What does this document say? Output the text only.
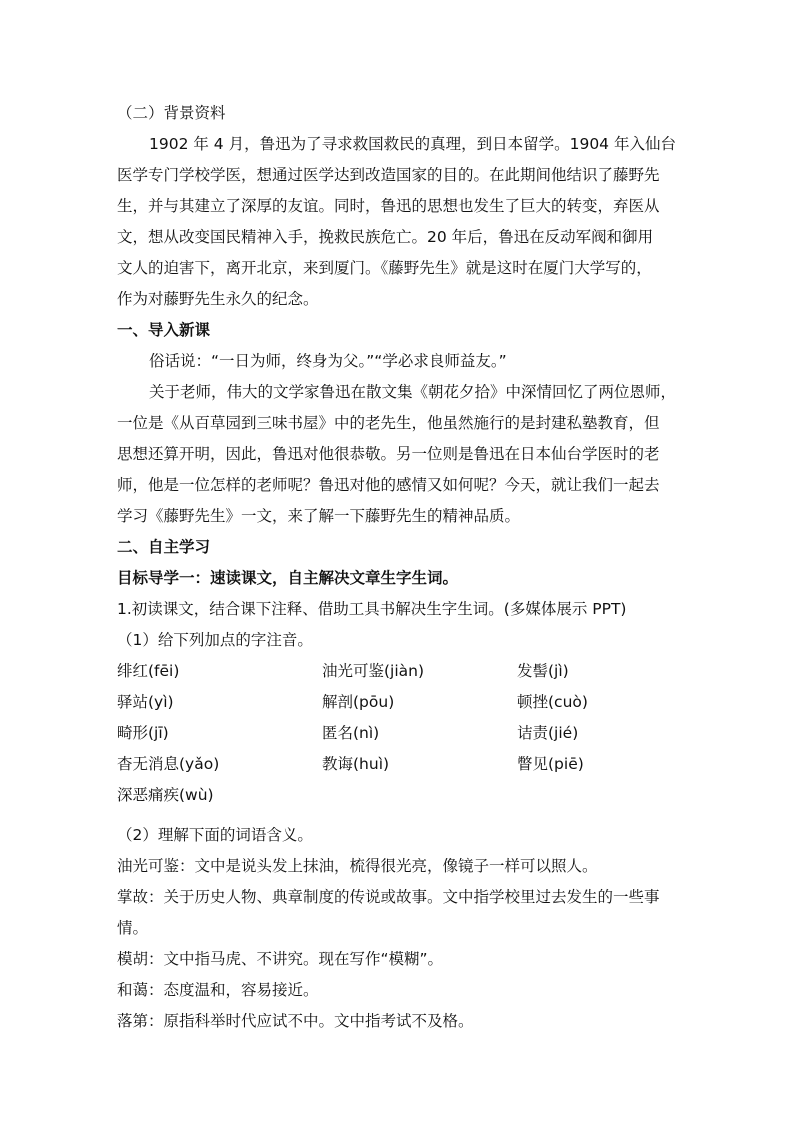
（二）背景资料
1902 年 4 月，鲁迅为了寻求救国救民的真理，到日本留学。1904 年入仙台
医学专门学校学医，想通过医学达到改造国家的目的。在此期间他结识了藤野先
生，并与其建立了深厚的友谊。同时，鲁迅的思想也发生了巨大的转变，弃医从
文，想从改变国民精神入手，挽救民族危亡。20 年后，鲁迅在反动军阀和御用
文人的迫害下，离开北京，来到厦门。《藤野先生》就是这时在厦门大学写的，
作为对藤野先生永久的纪念。
一、导入新课
俗话说：“一日为师，终身为父。”“学必求良师益友。”
关于老师，伟大的文学家鲁迅在散文集《朝花夕拾》中深情回忆了两位恩师，
一位是《从百草园到三味书屋》中的老先生，他虽然施行的是封建私塾教育，但
思想还算开明，因此，鲁迅对他很恭敬。另一位则是鲁迅在日本仙台学医时的老
师，他是一位怎样的老师呢？鲁迅对他的感情又如何呢？今天，就让我们一起去
学习《藤野先生》一文，来了解一下藤野先生的精神品质。
二、自主学习
目标导学一：速读课文，自主解决文章生字生词。
1.初读课文，结合课下注释、借助工具书解决生字生词。(多媒体展示 PPT)
（1）给下列加点的字注音。
绯红(fēi)	油光可鉴(jiàn)	发髻(jì)
驿站(yì)	解剖(pōu)	顿挫(cuò)
畸形(jī)	匿名(nì)	诘责(jié)
杳无消息(yǎo)	教诲(huì)	瞥见(piē)
深恶痛疾(wù)
（2）理解下面的词语含义。
油光可鉴：文中是说头发上抹油，梳得很光亮，像镜子一样可以照人。
掌故：关于历史人物、典章制度的传说或故事。文中指学校里过去发生的一些事
情。
模胡：文中指马虎、不讲究。现在写作“模糊”。
和蔼：态度温和，容易接近。
落第：原指科举时代应试不中。文中指考试不及格。
